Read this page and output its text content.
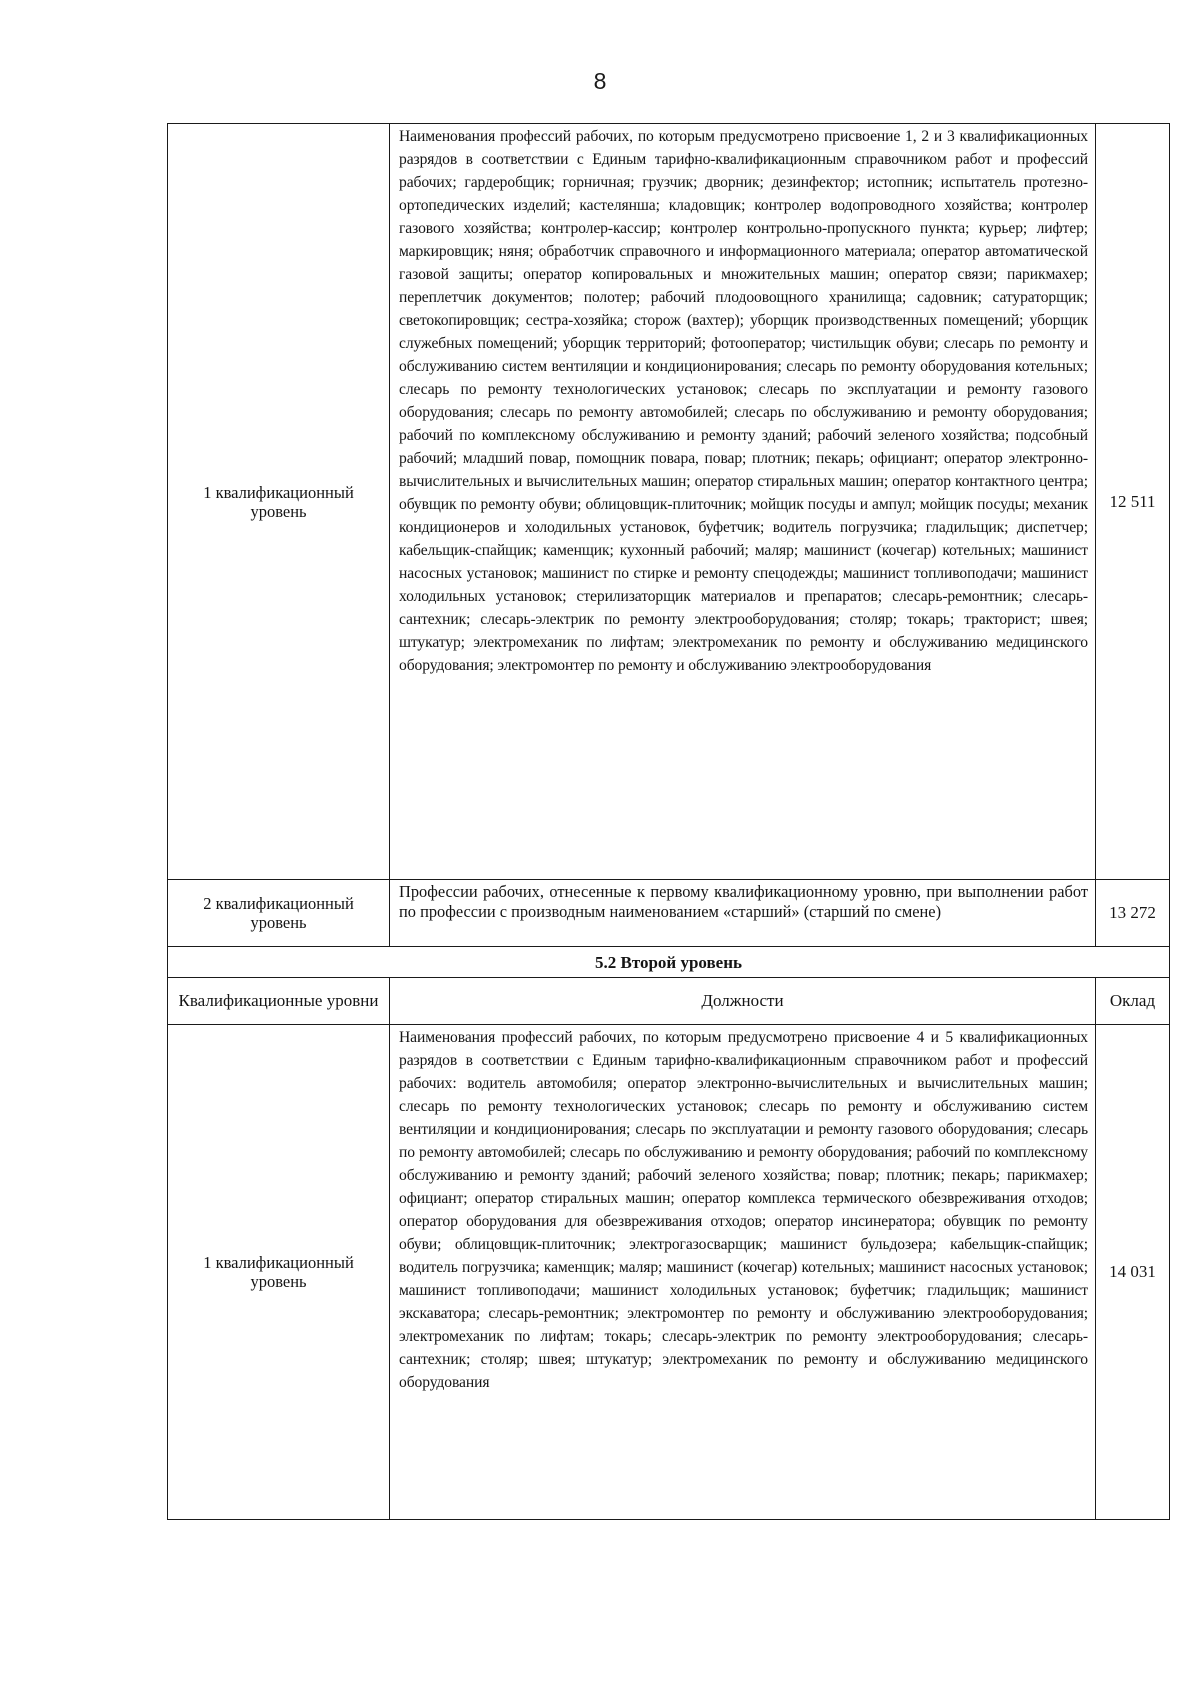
8
1 квалификационный уровень	Наименования профессий рабочих, по которым предусмотрено присвоение 1, 2 и 3 квалификационных разрядов в соответствии с Единым тарифно-квалификационным справочником работ и профессий рабочих; гардеробщик; горничная; грузчик; дворник; дезинфектор; истопник; испытатель протезно-ортопедических изделий; кастелянша; кладовщик; контролер водопроводного хозяйства; контролер газового хозяйства; контролер-кассир; контролер контрольно-пропускного пункта; курьер; лифтер; маркировщик; няня; обработчик справочного и информационного материала; оператор автоматической газовой защиты; оператор копировальных и множительных машин; оператор связи; парикмахер; переплетчик документов; полотер; рабочий плодоовощного хранилища; садовник; сатураторщик; светокопировщик; сестра-хозяйка; сторож (вахтер); уборщик производственных помещений; уборщик служебных помещений; уборщик территорий; фотооператор; чистильщик обуви; слесарь по ремонту и обслуживанию систем вентиляции и кондиционирования; слесарь по ремонту оборудования котельных; слесарь по ремонту технологических установок; слесарь по эксплуатации и ремонту газового оборудования; слесарь по ремонту автомобилей; слесарь по обслуживанию и ремонту оборудования; рабочий по комплексному обслуживанию и ремонту зданий; рабочий зеленого хозяйства; подсобный рабочий; младший повар, помощник повара, повар; плотник; пекарь; официант; оператор электронно-вычислительных и вычислительных машин; оператор стиральных машин; оператор контактного центра; обувщик по ремонту обуви; облицовщик-плиточник; мойщик посуды и ампул; мойщик посуды; механик кондиционеров и холодильных установок, буфетчик; водитель погрузчика; гладильщик; диспетчер; кабельщик-спайщик; каменщик; кухонный рабочий; маляр; машинист (кочегар) котельных; машинист насосных установок; машинист по стирке и ремонту спецодежды; машинист топливоподачи; машинист холодильных установок; стерилизаторщик материалов и препаратов; слесарь-ремонтник; слесарь-сантехник; слесарь-электрик по ремонту электрооборудования; столяр; токарь; тракторист; швея; штукатур; электромеханик по лифтам; электромеханик по ремонту и обслуживанию медицинского оборудования; электромонтер по ремонту и обслуживанию электрооборудования	12 511
2 квалификационный уровень	Профессии рабочих, отнесенные к первому квалификационному уровню, при выполнении работ по профессии с производным наименованием «старший» (старший по смене)	13 272
5.2 Второй уровень		
Квалификационные уровни	Должности	Оклад
1 квалификационный уровень	Наименования профессий рабочих, по которым предусмотрено присвоение 4 и 5 квалификационных разрядов в соответствии с Единым тарифно-квалификационным справочником работ и профессий рабочих: водитель автомобиля; оператор электронно-вычислительных и вычислительных машин; слесарь по ремонту технологических установок; слесарь по ремонту и обслуживанию систем вентиляции и кондиционирования; слесарь по эксплуатации и ремонту газового оборудования; слесарь по ремонту автомобилей; слесарь по обслуживанию и ремонту оборудования; рабочий по комплексному обслуживанию и ремонту зданий; рабочий зеленого хозяйства; повар; плотник; пекарь; парикмахер; официант; оператор стиральных машин; оператор комплекса термического обезвреживания отходов; оператор оборудования для обезвреживания отходов; оператор инсинератора; обувщик по ремонту обуви; облицовщик-плиточник; электрогазосварщик; машинист бульдозера; кабельщик-спайщик; водитель погрузчика; каменщик; маляр; машинист (кочегар) котельных; машинист насосных установок; машинист топливоподачи; машинист холодильных установок; буфетчик; гладильщик; машинист экскаватора; слесарь-ремонтник; электромонтер по ремонту и обслуживанию электрооборудования; электромеханик по лифтам; токарь; слесарь-электрик по ремонту электрооборудования; слесарь-сантехник; столяр; швея; штукатур; электромеханик по ремонту и обслуживанию медицинского оборудования	14 031
